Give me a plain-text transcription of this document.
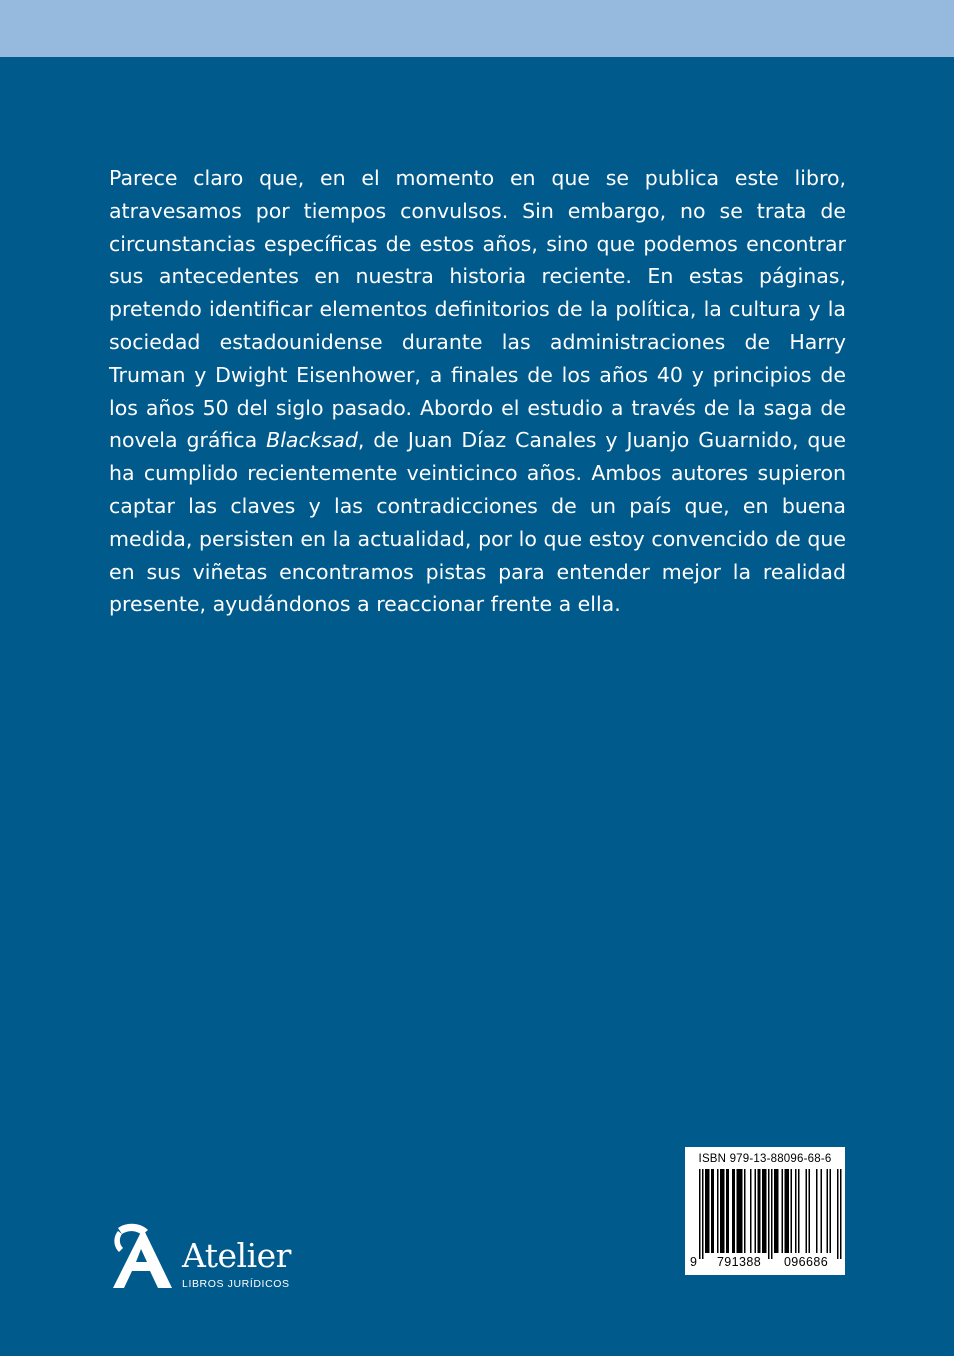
Parece claro que, en el momento en que se publica este libro, atravesamos por tiempos convulsos. Sin embargo, no se trata de circunstancias específicas de estos años, sino que podemos encontrar sus antecedentes en nuestra historia reciente. En estas páginas, pretendo identificar elementos definitorios de la política, la cultura y la sociedad estadounidense durante las administraciones de Harry Truman y Dwight Eisenhower, a finales de los años 40 y principios de los años 50 del siglo pasado. Abordo el estudio a través de la saga de novela gráfica Blacksad, de Juan Díaz Canales y Juanjo Guarnido, que ha cumplido recientemente veinticinco años. Ambos autores supieron captar las claves y las contradicciones de un país que, en buena medida, persisten en la actualidad, por lo que estoy convencido de que en sus viñetas encontramos pistas para entender mejor la realidad presente, ayudándonos a reaccionar frente a ella.

Atelier
LIBROS JURÍDICOS
ISBN 979-13-88096-68-6
9	791388	096686
